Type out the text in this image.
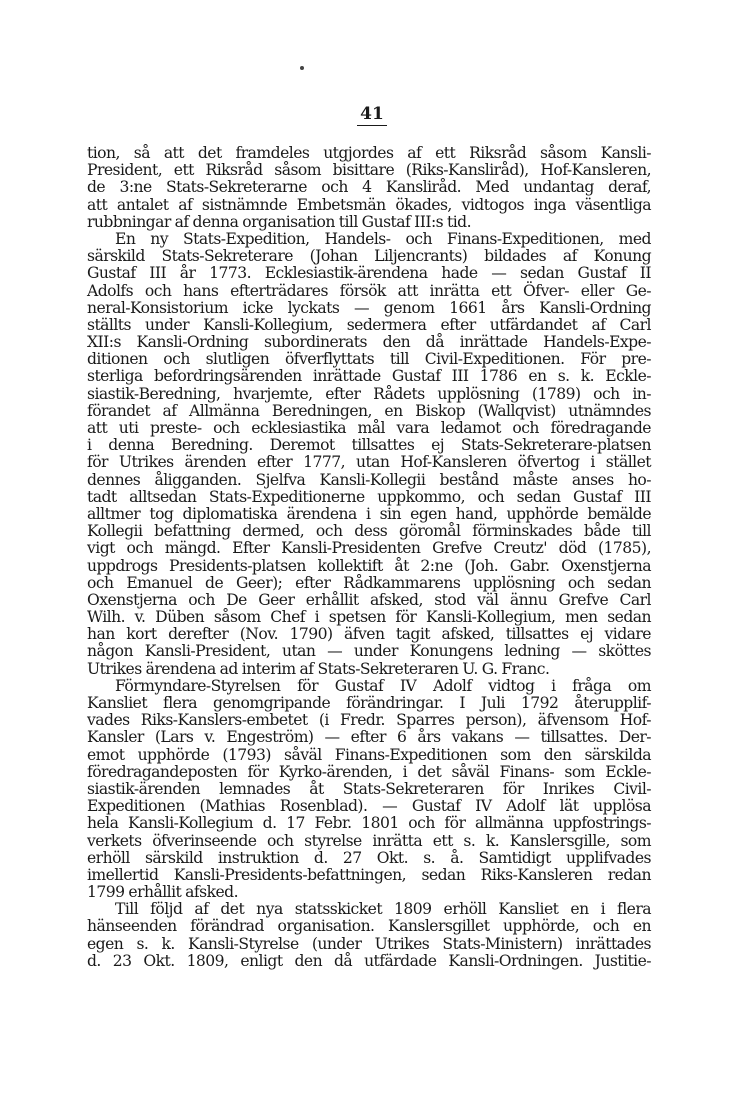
41
tion, så att det framdeles utgjordes af ett Riksråd såsom Kansli-
President, ett Riksråd såsom bisittare (Riks-Kansliråd), Hof-Kansleren,
de 3:ne Stats-Sekreterarne och 4 Kansliråd. Med undantag deraf,
att antalet af sistnämnde Embetsmän ökades, vidtogos inga väsentliga
rubbningar af denna organisation till Gustaf III:s tid.
En ny Stats-Expedition, Handels- och Finans-Expeditionen, med
särskild Stats-Sekreterare (Johan Liljencrants) bildades af Konung
Gustaf III år 1773. Ecklesiastik-ärendena hade — sedan Gustaf II
Adolfs och hans efterträdares försök att inrätta ett Öfver- eller Ge-
neral-Konsistorium icke lyckats — genom 1661 års Kansli-Ordning
ställts under Kansli-Kollegium, sedermera efter utfärdandet af Carl
XII:s Kansli-Ordning subordinerats den då inrättade Handels-Expe-
ditionen och slutligen öfverflyttats till Civil-Expeditionen. För pre-
sterliga befordringsärenden inrättade Gustaf III 1786 en s. k. Eckle-
siastik-Beredning, hvarjemte, efter Rådets upplösning (1789) och in-
förandet af Allmänna Beredningen, en Biskop (Wallqvist) utnämndes
att uti preste- och ecklesiastika mål vara ledamot och föredragande
i denna Beredning. Deremot tillsattes ej Stats-Sekreterare-platsen
för Utrikes ärenden efter 1777, utan Hof-Kansleren öfvertog i stället
dennes åligganden. Sjelfva Kansli-Kollegii bestånd måste anses ho-
tadt alltsedan Stats-Expeditionerne uppkommo, och sedan Gustaf III
alltmer tog diplomatiska ärendena i sin egen hand, upphörde bemälde
Kollegii befattning dermed, och dess göromål förminskades både till
vigt och mängd. Efter Kansli-Presidenten Grefve Creutz' död (1785),
uppdrogs Presidents-platsen kollektift åt 2:ne (Joh. Gabr. Oxenstjerna
och Emanuel de Geer); efter Rådkammarens upplösning och sedan
Oxenstjerna och De Geer erhållit afsked, stod väl ännu Grefve Carl
Wilh. v. Düben såsom Chef i spetsen för Kansli-Kollegium, men sedan
han kort derefter (Nov. 1790) äfven tagit afsked, tillsattes ej vidare
någon Kansli-President, utan — under Konungens ledning — sköttes
Utrikes ärendena ad interim af Stats-Sekreteraren U. G. Franc.
Förmyndare-Styrelsen för Gustaf IV Adolf vidtog i fråga om
Kansliet flera genomgripande förändringar. I Juli 1792 återupplif-
vades Riks-Kanslers-embetet (i Fredr. Sparres person), äfvensom Hof-
Kansler (Lars v. Engeström) — efter 6 års vakans — tillsattes. Der-
emot upphörde (1793) såväl Finans-Expeditionen som den särskilda
föredragandeposten för Kyrko-ärenden, i det såväl Finans- som Eckle-
siastik-ärenden lemnades åt Stats-Sekreteraren för Inrikes Civil-
Expeditionen (Mathias Rosenblad). — Gustaf IV Adolf lät upplösa
hela Kansli-Kollegium d. 17 Febr. 1801 och för allmänna uppfostrings-
verkets öfverinseende och styrelse inrätta ett s. k. Kanslersgille, som
erhöll särskild instruktion d. 27 Okt. s. å. Samtidigt upplifvades
imellertid Kansli-Presidents-befattningen, sedan Riks-Kansleren redan
1799 erhållit afsked.
Till följd af det nya statsskicket 1809 erhöll Kansliet en i flera
hänseenden förändrad organisation. Kanslersgillet upphörde, och en
egen s. k. Kansli-Styrelse (under Utrikes Stats-Ministern) inrättades
d. 23 Okt. 1809, enligt den då utfärdade Kansli-Ordningen. Justitie-
